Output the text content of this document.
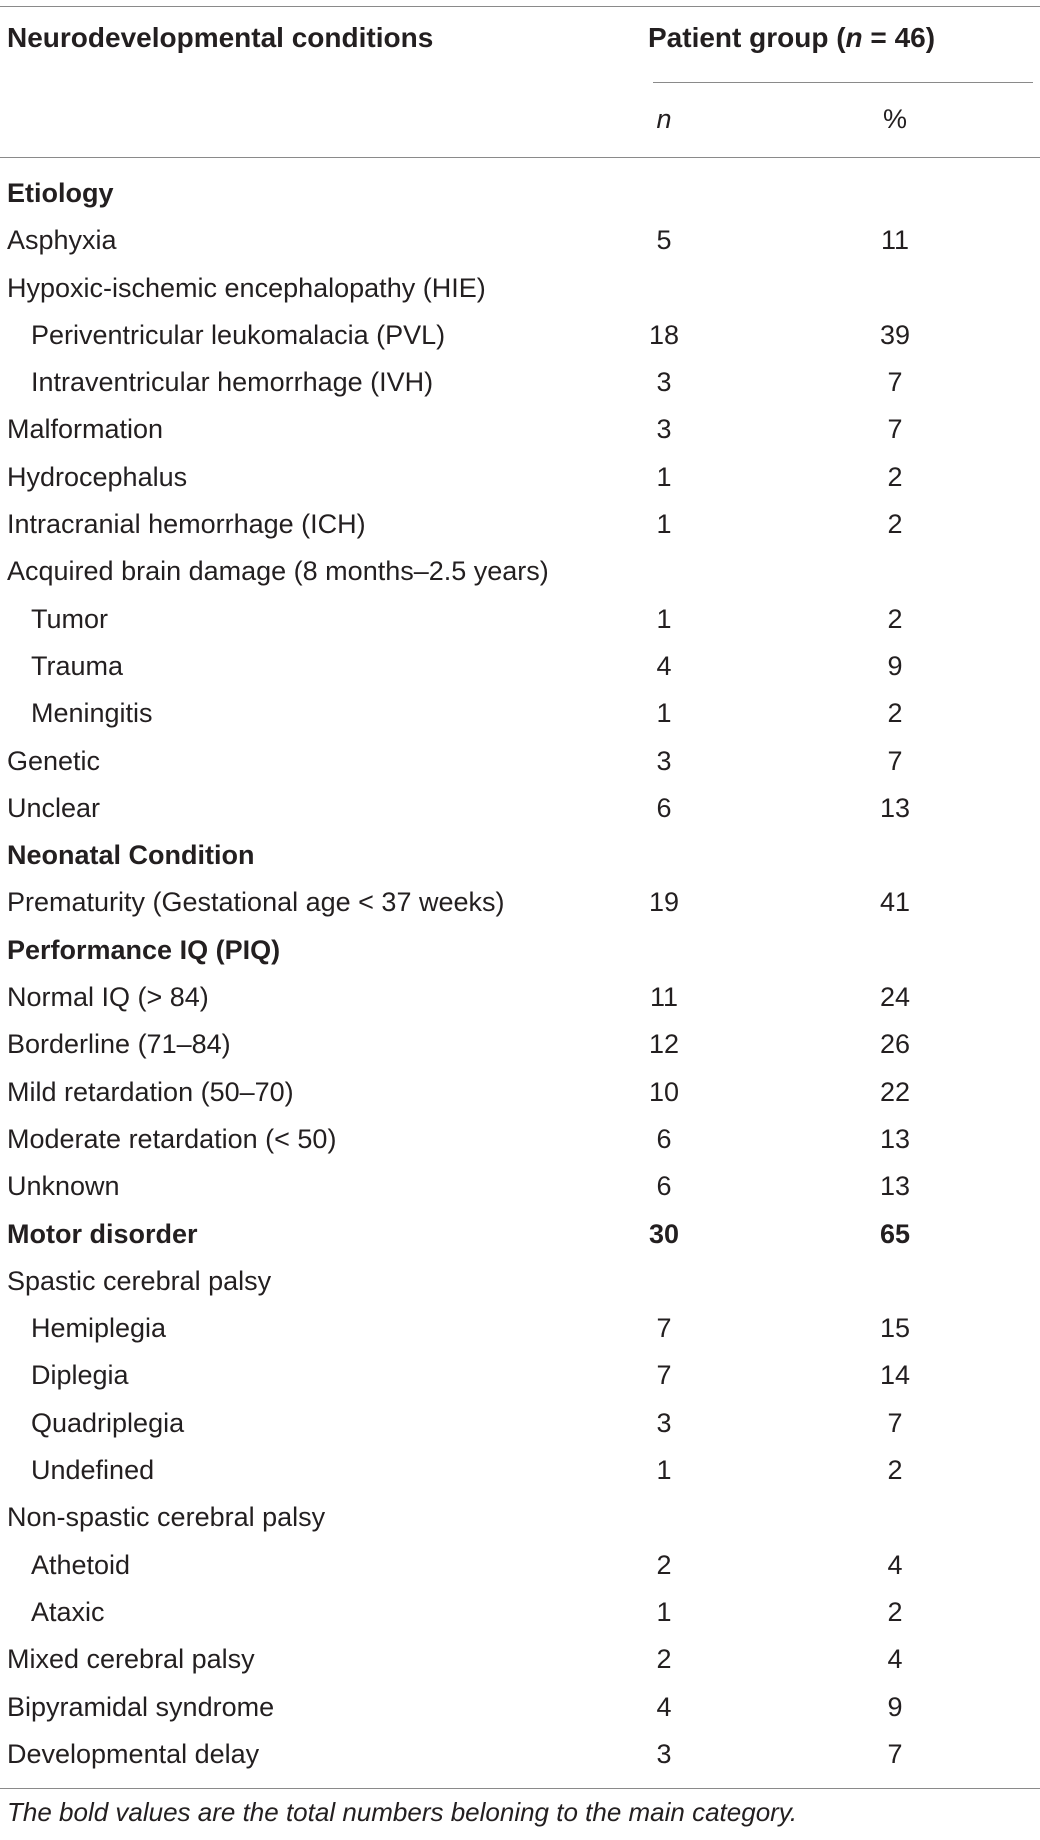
Neurodevelopmental conditions	Patient group (n = 46)
n	%
Etiology
Asphyxia	5	11
Hypoxic-ischemic encephalopathy (HIE)
Periventricular leukomalacia (PVL)	18	39
Intraventricular hemorrhage (IVH)	3	7
Malformation	3	7
Hydrocephalus	1	2
Intracranial hemorrhage (ICH)	1	2
Acquired brain damage (8 months–2.5 years)
Tumor	1	2
Trauma	4	9
Meningitis	1	2
Genetic	3	7
Unclear	6	13
Neonatal Condition
Prematurity (Gestational age < 37 weeks)	19	41
Performance IQ (PIQ)
Normal IQ (> 84)	11	24
Borderline (71–84)	12	26
Mild retardation (50–70)	10	22
Moderate retardation (< 50)	6	13
Unknown	6	13
Motor disorder	30	65
Spastic cerebral palsy
Hemiplegia	7	15
Diplegia	7	14
Quadriplegia	3	7
Undefined	1	2
Non-spastic cerebral palsy
Athetoid	2	4
Ataxic	1	2
Mixed cerebral palsy	2	4
Bipyramidal syndrome	4	9
Developmental delay	3	7
The bold values are the total numbers beloning to the main category.
